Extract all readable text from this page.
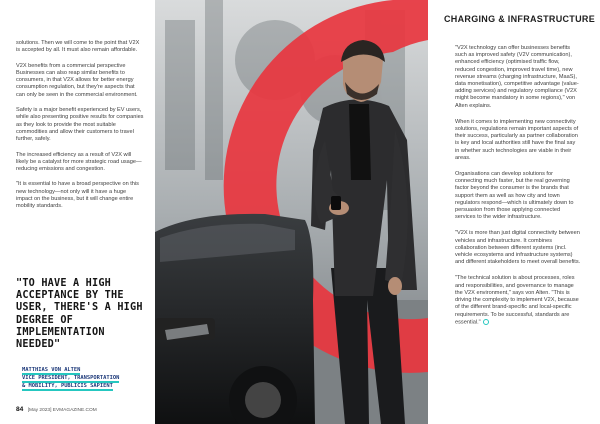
solutions. Then we will come to the point that V2X is accepted by all. It must also remain affordable.

V2X benefits from a commercial perspective Businesses can also reap similar benefits to consumers, in that V2X allows for better energy consumption regulation, but they're aspects that can only be seen in the commercial environment.

Safety is a major benefit experienced by EV users, while also presenting positive results for companies as they look to provide the most suitable commodities and allow their customers to travel further, safely.

The increased efficiency as a result of V2X will likely be a catalyst for more strategic road usage—reducing emissions and congestion.

"It is essential to have a broad perspective on this new technology—not only will it have a huge impact on the business, but it will change entire mobility standards.

"TO HAVE A HIGH ACCEPTANCE BY THE USER, THERE'S A HIGH DEGREE OF IMPLEMENTATION NEEDED"

MATTHIAS VON ALTEN
VICE PRESIDENT, TRANSPORTATION
& MOBILITY, PUBLICIS SAPIENT
84 [May 2023] EVMAGAZINE.COM
CHARGING & INFRASTRUCTURE

"V2X technology can offer businesses benefits such as improved safety (V2V communication), enhanced efficiency (optimised traffic flow, reduced congestion, improved travel time), new revenue streams (charging infrastructure, MaaS), data monetisation), competitive advantage (value-adding services) and regulatory compliance (V2X might become mandatory in some regions)," von Alten explains.

When it comes to implementing new connectivity solutions, regulations remain important aspects of their success, particularly as partner collaboration is key and local authorities still have the final say in whether such technologies are viable in their areas.

Organisations can develop solutions for connecting much faster, but the real governing factor beyond the consumer is the brands that support them as well as how city and town regulators respond—which is ultimately down to persuasion from those applying connected services to the wider infrastructure.

"V2X is more than just digital connectivity between vehicles and infrastructure. It combines collaboration between different systems (incl. vehicle ecosystems and infrastructure systems) and different stakeholders to meet overall benefits.

"The technical solution is about processes, roles and responsibilities, and governance to manage the V2X environment," says von Alten. "This is driving the complexity to implement V2X, because of the different brand-specific and local-specific requirements. To be successful, standards are essential."
